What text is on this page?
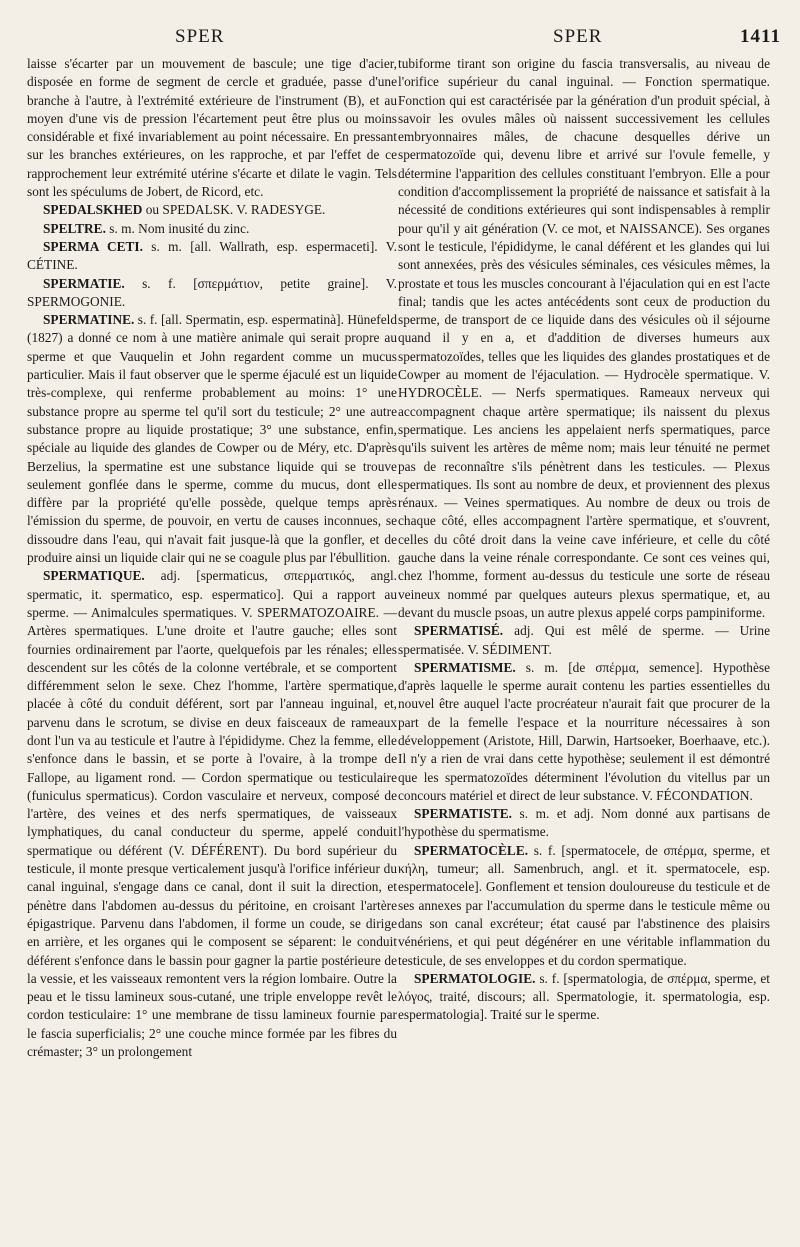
SPER	SPER	1411

laisse s'écarter par un mouvement de bascule; une tige d'acier, disposée en forme de segment de cercle et graduée, passe d'une branche à l'autre, à l'extrémité extérieure de l'instrument (B), et au moyen d'une vis de pression l'écartement peut être plus ou moins considérable et fixé invariablement au point nécessaire. En pressant sur les branches extérieures, on les rapproche, et par l'effet de ce rapprochement leur extrémité utérine s'écarte et dilate le vagin. Tels sont les spéculums de Jobert, de Ricord, etc.

SPEDALSKHED ou SPEDALSK. V. RADESYGE.

SPELTRE. s. m. Nom inusité du zinc.

SPERMA CETI. s. m. [all. Wallrath, esp. espermaceti]. V. CÉTINE.

SPERMATIE. s. f. [σπερμάτιον, petite graine]. V. SPERMOGONIE.

SPERMATINE. s. f. [all. Spermatin, esp. espermatinà]. Hünefeld (1827) a donné ce nom à une matière animale qui serait propre au sperme et que Vauquelin et John regardent comme un mucus particulier. Mais il faut observer que le sperme éjaculé est un liquide très-complexe, qui renferme probablement au moins: 1° une substance propre au sperme tel qu'il sort du testicule; 2° une autre substance propre au liquide prostatique; 3° une substance, enfin, spéciale au liquide des glandes de Cowper ou de Méry, etc. D'après Berzelius, la spermatine est une substance liquide qui se trouve seulement gonflée dans le sperme, comme du mucus, dont elle diffère par la propriété qu'elle possède, quelque temps après l'émission du sperme, de pouvoir, en vertu de causes inconnues, se dissoudre dans l'eau, qui n'avait fait jusque-là que la gonfler, et de produire ainsi un liquide clair qui ne se coagule plus par l'ébullition.

SPERMATIQUE. adj. [spermaticus, σπερματικός, angl. spermatic, it. spermatico, esp. espermatico]. Qui a rapport au sperme. — Animalcules spermatiques. V. SPERMATOZOAIRE. — Artères spermatiques. L'une droite et l'autre gauche; elles sont fournies ordinairement par l'aorte, quelquefois par les rénales; elles descendent sur les côtés de la colonne vertébrale, et se comportent différemment selon le sexe. Chez l'homme, l'artère spermatique, placée à côté du conduit déférent, sort par l'anneau inguinal, et, parvenu dans le scrotum, se divise en deux faisceaux de rameaux dont l'un va au testicule et l'autre à l'épididyme. Chez la femme, elle s'enfonce dans le bassin, et se porte à l'ovaire, à la trompe de Fallope, au ligament rond. — Cordon spermatique ou testiculaire (funiculus spermaticus). Cordon vasculaire et nerveux, composé de l'artère, des veines et des nerfs spermatiques, de vaisseaux lymphatiques, du canal conducteur du sperme, appelé conduit spermatique ou déférent (V. DÉFÉRENT). Du bord supérieur du testicule, il monte presque verticalement jusqu'à l'orifice inférieur du canal inguinal, s'engage dans ce canal, dont il suit la direction, et pénètre dans l'abdomen au-dessus du péritoine, en croisant l'artère épigastrique. Parvenu dans l'abdomen, il forme un coude, se dirige en arrière, et les organes qui le composent se séparent: le conduit déférent s'enfonce dans le bassin pour gagner la partie postérieure de la vessie, et les vaisseaux remontent vers la région lombaire. Outre la peau et le tissu lamineux sous-cutané, une triple enveloppe revêt le cordon testiculaire: 1° une membrane de tissu lamineux fournie par le fascia superficialis; 2° une couche mince formée par les fibres du crémaster; 3° un prolongement

tubiforme tirant son origine du fascia transversalis, au niveau de l'orifice supérieur du canal inguinal. — Fonction spermatique. Fonction qui est caractérisée par la génération d'un produit spécial, à savoir les ovules mâles où naissent successivement les cellules embryonnaires mâles, de chacune desquelles dérive un spermatozoïde qui, devenu libre et arrivé sur l'ovule femelle, y détermine l'apparition des cellules constituant l'embryon. Elle a pour condition d'accomplissement la propriété de naissance et satisfait à la nécessité de conditions extérieures qui sont indispensables à remplir pour qu'il y ait génération (V. ce mot, et NAISSANCE). Ses organes sont le testicule, l'épididyme, le canal déférent et les glandes qui lui sont annexées, près des vésicules séminales, ces vésicules mêmes, la prostate et tous les muscles concourant à l'éjaculation qui en est l'acte final; tandis que les actes antécédents sont ceux de production du sperme, de transport de ce liquide dans des vésicules où il séjourne quand il y en a, et d'addition de diverses humeurs aux spermatozoïdes, telles que les liquides des glandes prostatiques et de Cowper au moment de l'éjaculation. — Hydrocèle spermatique. V. HYDROCÈLE. — Nerfs spermatiques. Rameaux nerveux qui accompagnent chaque artère spermatique; ils naissent du plexus spermatique. Les anciens les appelaient nerfs spermatiques, parce qu'ils suivent les artères de même nom; mais leur ténuité ne permet pas de reconnaître s'ils pénètrent dans les testicules. — Plexus spermatiques. Ils sont au nombre de deux, et proviennent des plexus rénaux. — Veines spermatiques. Au nombre de deux ou trois de chaque côté, elles accompagnent l'artère spermatique, et s'ouvrent, celles du côté droit dans la veine cave inférieure, et celle du côté gauche dans la veine rénale correspondante. Ce sont ces veines qui, chez l'homme, forment au-dessus du testicule une sorte de réseau veineux nommé par quelques auteurs plexus spermatique, et, au devant du muscle psoas, un autre plexus appelé corps pampiniforme.

SPERMATISÉ. adj. Qui est mêlé de sperme. — Urine spermatisée. V. SÉDIMENT.

SPERMATISME. s. m. [de σπέρμα, semence]. Hypothèse d'après laquelle le sperme aurait contenu les parties essentielles du nouvel être auquel l'acte procréateur n'aurait fait que procurer de la part de la femelle l'espace et la nourriture nécessaires à son développement (Aristote, Hill, Darwin, Hartsoeker, Boerhaave, etc.). Il n'y a rien de vrai dans cette hypothèse; seulement il est démontré que les spermatozoïdes déterminent l'évolution du vitellus par un concours matériel et direct de leur substance. V. FÉCONDATION.

SPERMATISTE. s. m. et adj. Nom donné aux partisans de l'hypothèse du spermatisme.

SPERMATOCÈLE. s. f. [spermatocele, de σπέρμα, sperme, et κήλη, tumeur; all. Samenbruch, angl. et it. spermatocele, esp. espermatocele]. Gonflement et tension douloureuse du testicule et de ses annexes par l'accumulation du sperme dans le testicule même ou dans son canal excréteur; état causé par l'abstinence des plaisirs vénériens, et qui peut dégénérer en une véritable inflammation du testicule, de ses enveloppes et du cordon spermatique.

SPERMATOLOGIE. s. f. [spermatologia, de σπέρμα, sperme, et λόγος, traité, discours; all. Spermatologie, it. spermatologia, esp. espermatologia]. Traité sur le sperme.
